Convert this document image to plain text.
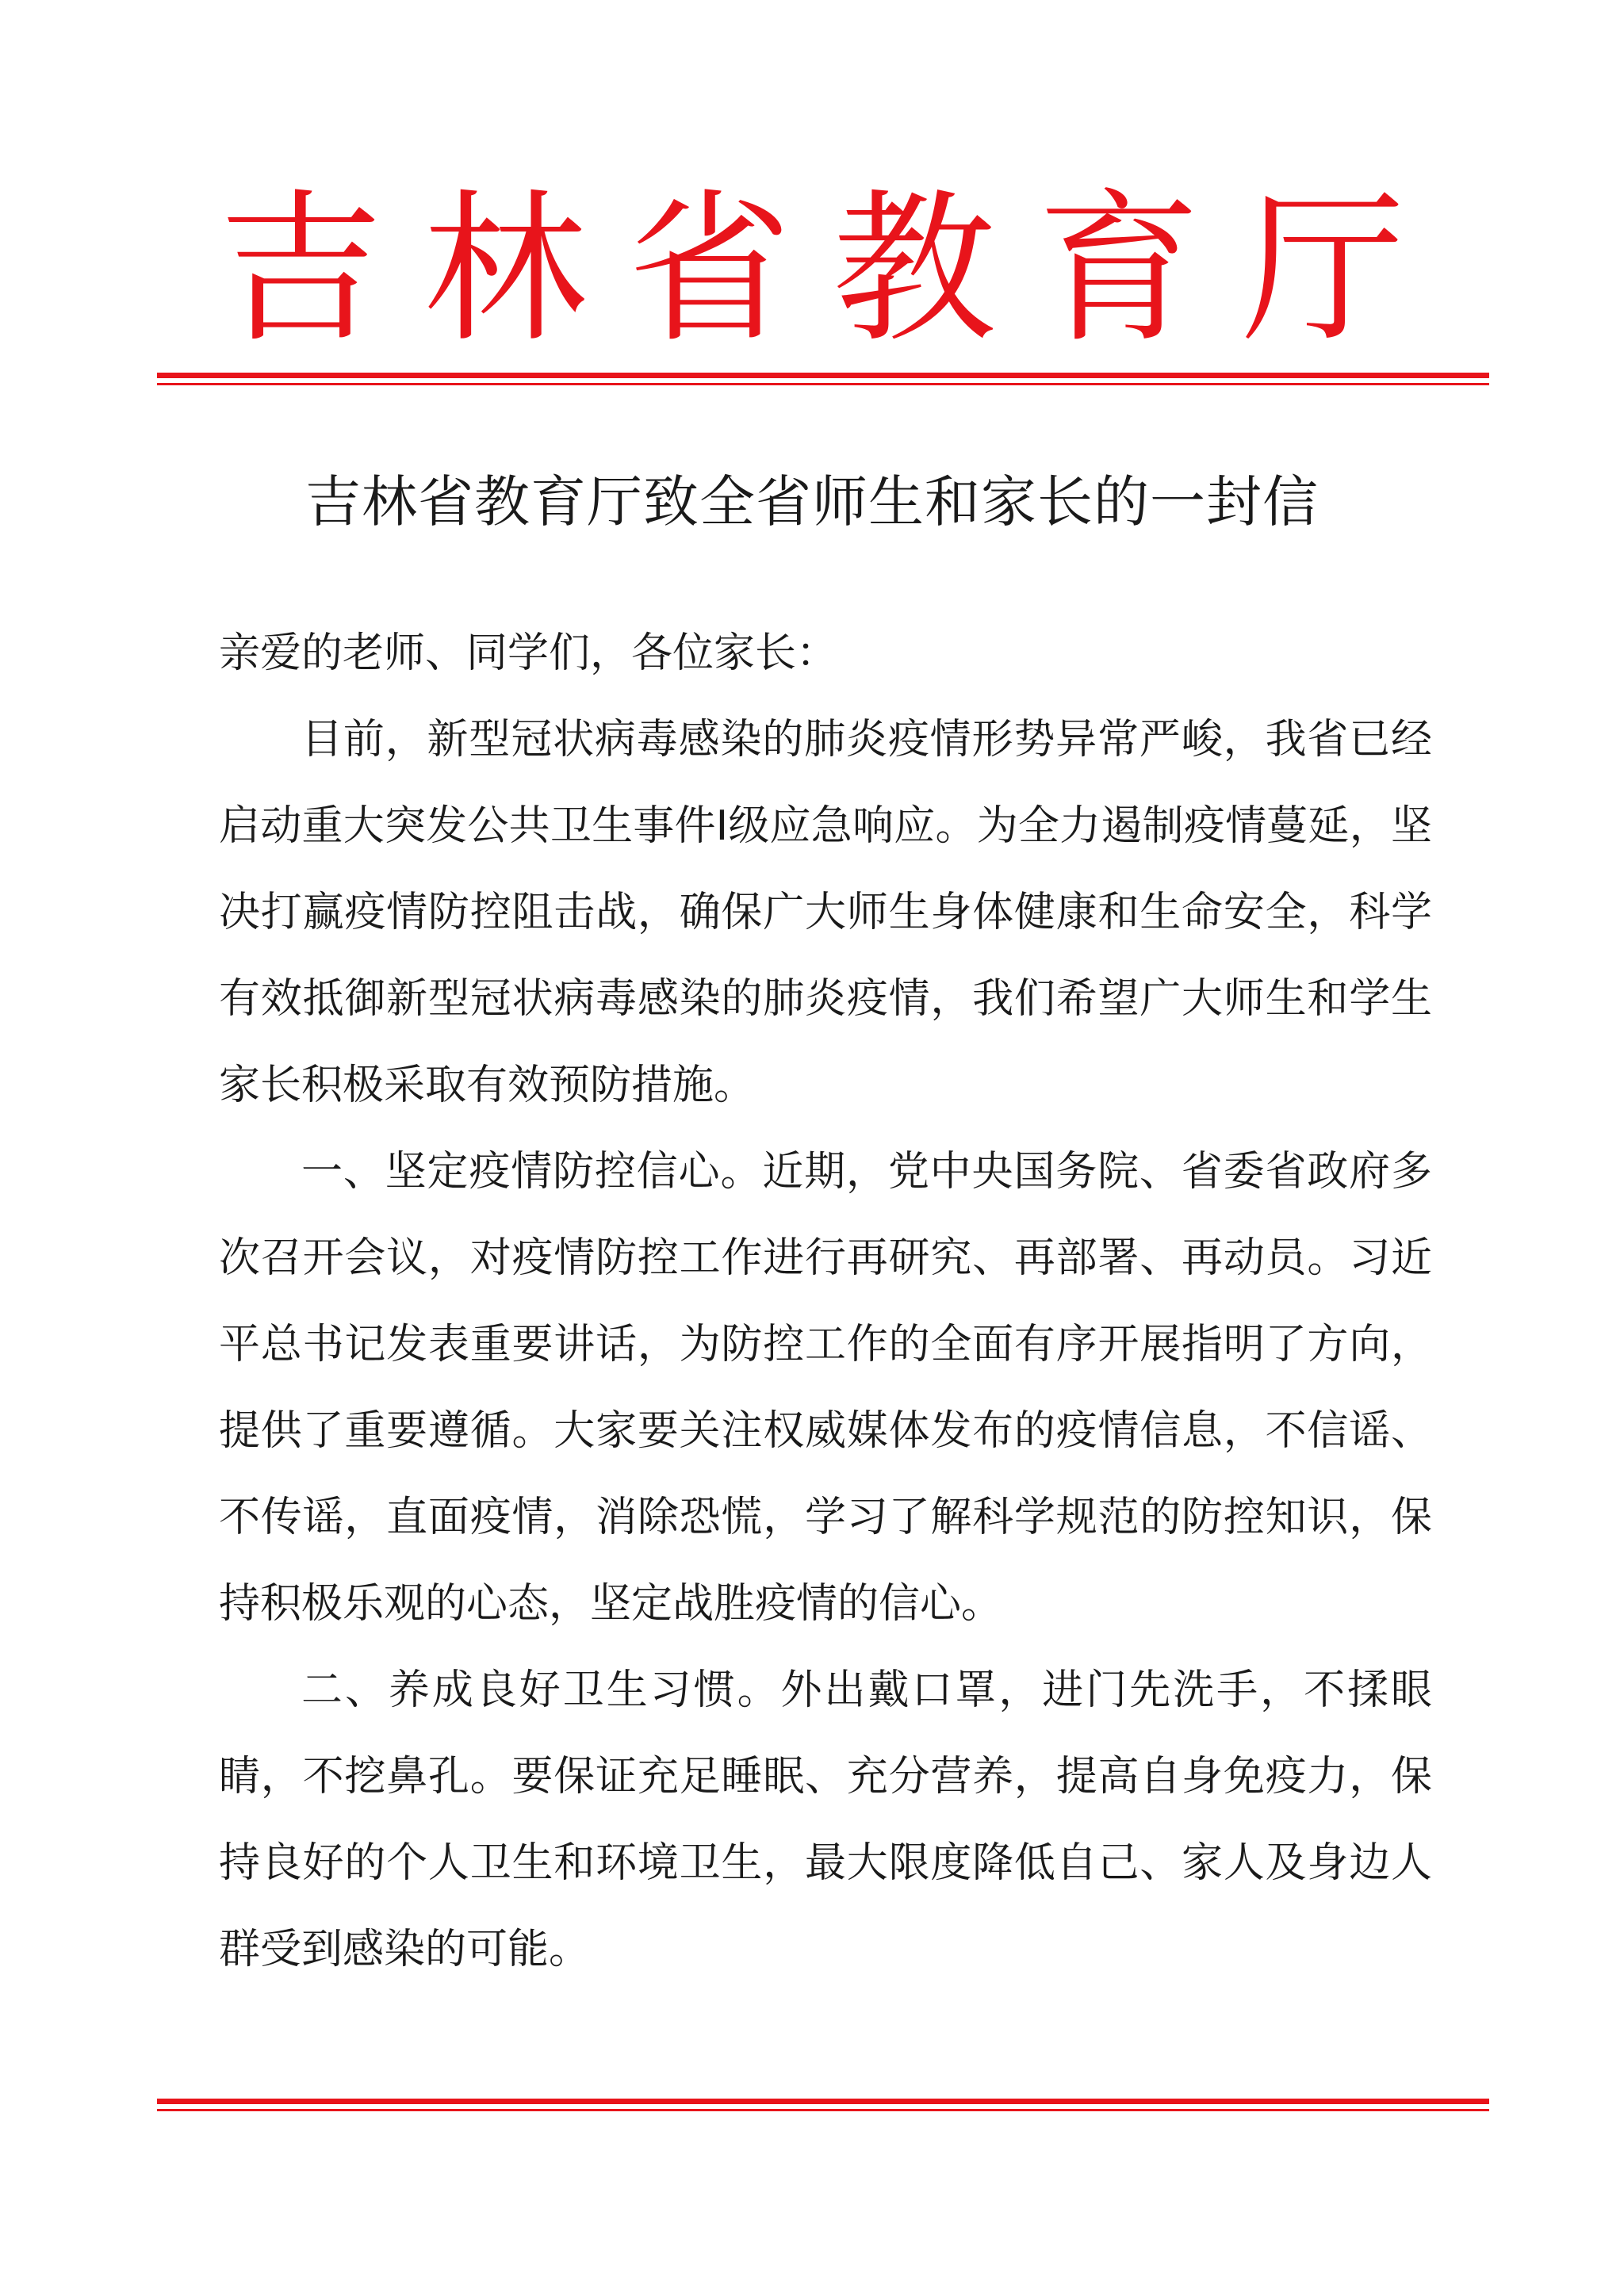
吉林省教育厅
吉林省教育厅致全省师生和家长的一封信

亲爱的老师、同学们，各位家长：

目前，新型冠状病毒感染的肺炎疫情形势异常严峻，我省已经启动重大突发公共卫生事件Ⅰ级应急响应。为全力遏制疫情蔓延，坚决打赢疫情防控阻击战，确保广大师生身体健康和生命安全，科学有效抵御新型冠状病毒感染的肺炎疫情，我们希望广大师生和学生家长积极采取有效预防措施。

一、坚定疫情防控信心。近期，党中央国务院、省委省政府多次召开会议，对疫情防控工作进行再研究、再部署、再动员。习近平总书记发表重要讲话，为防控工作的全面有序开展指明了方向，提供了重要遵循。大家要关注权威媒体发布的疫情信息，不信谣、不传谣，直面疫情，消除恐慌，学习了解科学规范的防控知识，保持积极乐观的心态，坚定战胜疫情的信心。

二、养成良好卫生习惯。外出戴口罩，进门先洗手，不揉眼睛，不挖鼻孔。要保证充足睡眠、充分营养，提高自身免疫力，保持良好的个人卫生和环境卫生，最大限度降低自己、家人及身边人群受到感染的可能。
